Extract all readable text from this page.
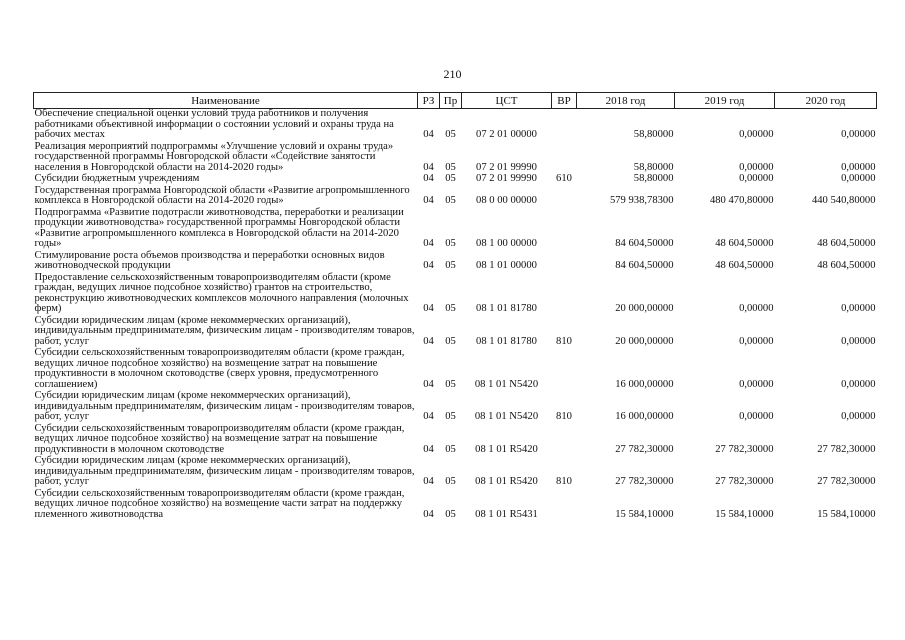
210
Наименование	РЗ	Пр	ЦСТ	ВР	2018 год	2019 год	2020 год
Обеспечение специальной оценки условий труда работников и получения работниками объективной информации о состоянии условий и охраны труда на рабочих местах	04	05	07 2 01 00000		58,80000	0,00000	0,00000
Реализация мероприятий подпрограммы «Улучшение условий и охраны труда» государственной программы Новгородской области «Содействие занятости населения в Новгородской области на 2014-2020 годы»	04	05	07 2 01 99990		58,80000	0,00000	0,00000
Субсидии бюджетным учреждениям	04	05	07 2 01 99990	610	58,80000	0,00000	0,00000
Государственная программа Новгородской области «Развитие агропромышленного комплекса в Новгородской области на 2014-2020 годы»	04	05	08 0 00 00000		579 938,78300	480 470,80000	440 540,80000
Подпрограмма «Развитие подотрасли животноводства, переработки и реализации продукции животноводства» государственной программы Новгородской области «Развитие агропромышленного комплекса в Новгородской области на 2014-2020 годы»	04	05	08 1 00 00000		84 604,50000	48 604,50000	48 604,50000
Стимулирование роста объемов производства и переработки основных видов животноводческой продукции	04	05	08 1 01 00000		84 604,50000	48 604,50000	48 604,50000
Предоставление сельскохозяйственным товаропроизводителям области (кроме граждан, ведущих личное подсобное хозяйство) грантов на строительство, реконструкцию животноводческих комплексов молочного направления (молочных ферм)	04	05	08 1 01 81780		20 000,00000	0,00000	0,00000
Субсидии юридическим лицам (кроме некоммерческих организаций), индивидуальным предпринимателям, физическим лицам - производителям товаров, работ, услуг	04	05	08 1 01 81780	810	20 000,00000	0,00000	0,00000
Субсидии сельскохозяйственным товаропроизводителям области (кроме граждан, ведущих личное подсобное хозяйство) на возмещение затрат на повышение продуктивности в молочном скотоводстве (сверх уровня, предусмотренного соглашением)	04	05	08 1 01 N5420		16 000,00000	0,00000	0,00000
Субсидии юридическим лицам (кроме некоммерческих организаций), индивидуальным предпринимателям, физическим лицам - производителям товаров, работ, услуг	04	05	08 1 01 N5420	810	16 000,00000	0,00000	0,00000
Субсидии сельскохозяйственным товаропроизводителям области (кроме граждан, ведущих личное подсобное хозяйство) на возмещение затрат на повышение продуктивности в молочном скотоводстве	04	05	08 1 01 R5420		27 782,30000	27 782,30000	27 782,30000
Субсидии юридическим лицам (кроме некоммерческих организаций), индивидуальным предпринимателям, физическим лицам - производителям товаров, работ, услуг	04	05	08 1 01 R5420	810	27 782,30000	27 782,30000	27 782,30000
Субсидии сельскохозяйственным товаропроизводителям области (кроме граждан, ведущих личное подсобное хозяйство) на возмещение части затрат на поддержку племенного животноводства	04	05	08 1 01 R5431		15 584,10000	15 584,10000	15 584,10000
